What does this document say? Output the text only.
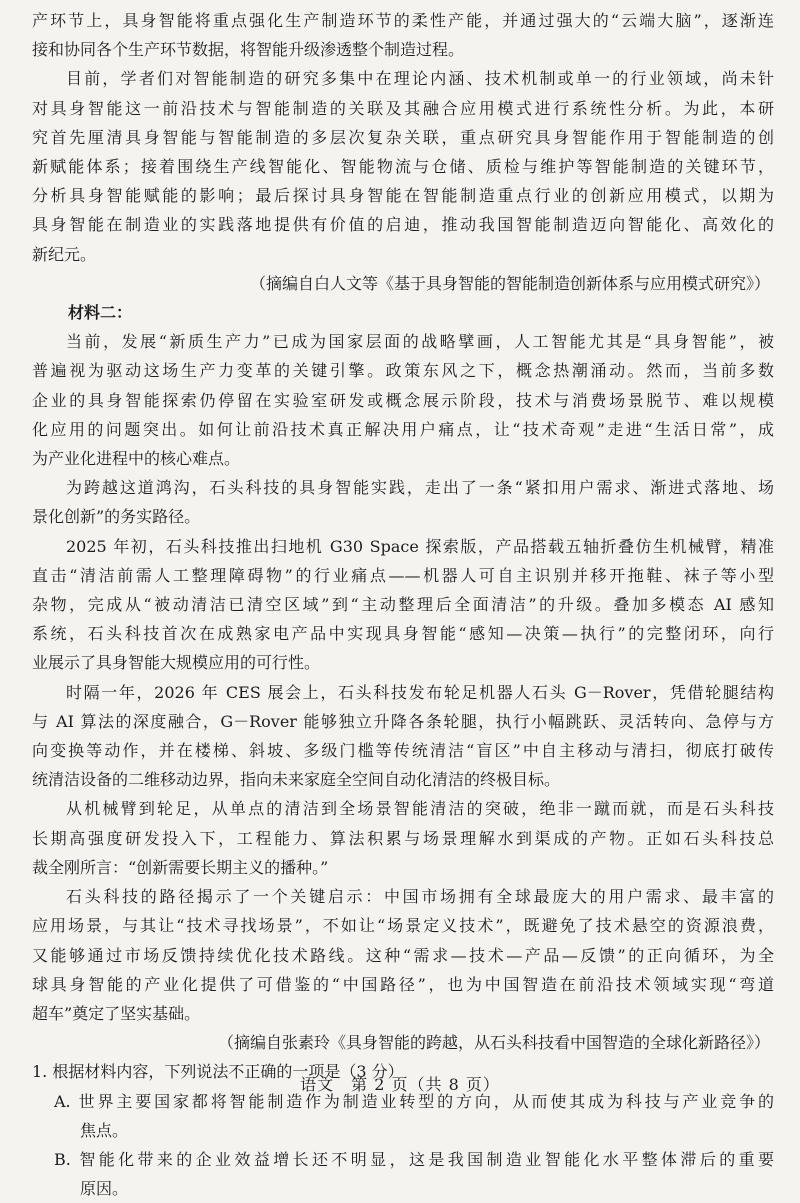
产环节上，具身智能将重点强化生产制造环节的柔性产能，并通过强大的“云端大脑”，逐渐连
接和协同各个生产环节数据，将智能升级渗透整个制造过程。
目前，学者们对智能制造的研究多集中在理论内涵、技术机制或单一的行业领域，尚未针
对具身智能这一前沿技术与智能制造的关联及其融合应用模式进行系统性分析。为此，本研
究首先厘清具身智能与智能制造的多层次复杂关联，重点研究具身智能作用于智能制造的创
新赋能体系；接着围绕生产线智能化、智能物流与仓储、质检与维护等智能制造的关键环节，
分析具身智能赋能的影响；最后探讨具身智能在智能制造重点行业的创新应用模式，以期为
具身智能在制造业的实践落地提供有价值的启迪，推动我国智能制造迈向智能化、高效化的
新纪元。
（摘编自白人文等《基于具身智能的智能制造创新体系与应用模式研究》）
材料二：
当前，发展“新质生产力”已成为国家层面的战略擘画，人工智能尤其是“具身智能”，被
普遍视为驱动这场生产力变革的关键引擎。政策东风之下，概念热潮涌动。然而，当前多数
企业的具身智能探索仍停留在实验室研发或概念展示阶段，技术与消费场景脱节、难以规模
化应用的问题突出。如何让前沿技术真正解决用户痛点，让“技术奇观”走进“生活日常”，成
为产业化进程中的核心难点。
为跨越这道鸿沟，石头科技的具身智能实践，走出了一条“紧扣用户需求、渐进式落地、场
景化创新”的务实路径。
2025 年初，石头科技推出扫地机 G30 Space 探索版，产品搭载五轴折叠仿生机械臂，精准
直击“清洁前需人工整理障碍物”的行业痛点——机器人可自主识别并移开拖鞋、袜子等小型
杂物，完成从“被动清洁已清空区域”到“主动整理后全面清洁”的升级。叠加多模态 AI 感知
系统，石头科技首次在成熟家电产品中实现具身智能“感知—决策—执行”的完整闭环，向行
业展示了具身智能大规模应用的可行性。
时隔一年，2026 年 CES 展会上，石头科技发布轮足机器人石头 G－Rover，凭借轮腿结构
与 AI 算法的深度融合，G－Rover 能够独立升降各条轮腿，执行小幅跳跃、灵活转向、急停与方
向变换等动作，并在楼梯、斜坡、多级门槛等传统清洁“盲区”中自主移动与清扫，彻底打破传
统清洁设备的二维移动边界，指向未来家庭全空间自动化清洁的终极目标。
从机械臂到轮足，从单点的清洁到全场景智能清洁的突破，绝非一蹴而就，而是石头科技
长期高强度研发投入下，工程能力、算法积累与场景理解水到渠成的产物。正如石头科技总
裁全刚所言：“创新需要长期主义的播种。”
石头科技的路径揭示了一个关键启示：中国市场拥有全球最庞大的用户需求、最丰富的
应用场景，与其让“技术寻找场景”，不如让“场景定义技术”，既避免了技术悬空的资源浪费，
又能够通过市场反馈持续优化技术路线。这种“需求—技术—产品—反馈”的正向循环，为全
球具身智能的产业化提供了可借鉴的“中国路径”，也为中国智造在前沿技术领域实现“弯道
超车”奠定了坚实基础。
（摘编自张素玲《具身智能的跨越，从石头科技看中国智造的全球化新路径》）
1. 根据材料内容，下列说法不正确的一项是（3 分）
A. 世界主要国家都将智能制造作为制造业转型的方向，从而使其成为科技与产业竞争的
焦点。
B. 智能化带来的企业效益增长还不明显，这是我国制造业智能化水平整体滞后的重要
原因。
语文　第 2 页（共 8 页）
